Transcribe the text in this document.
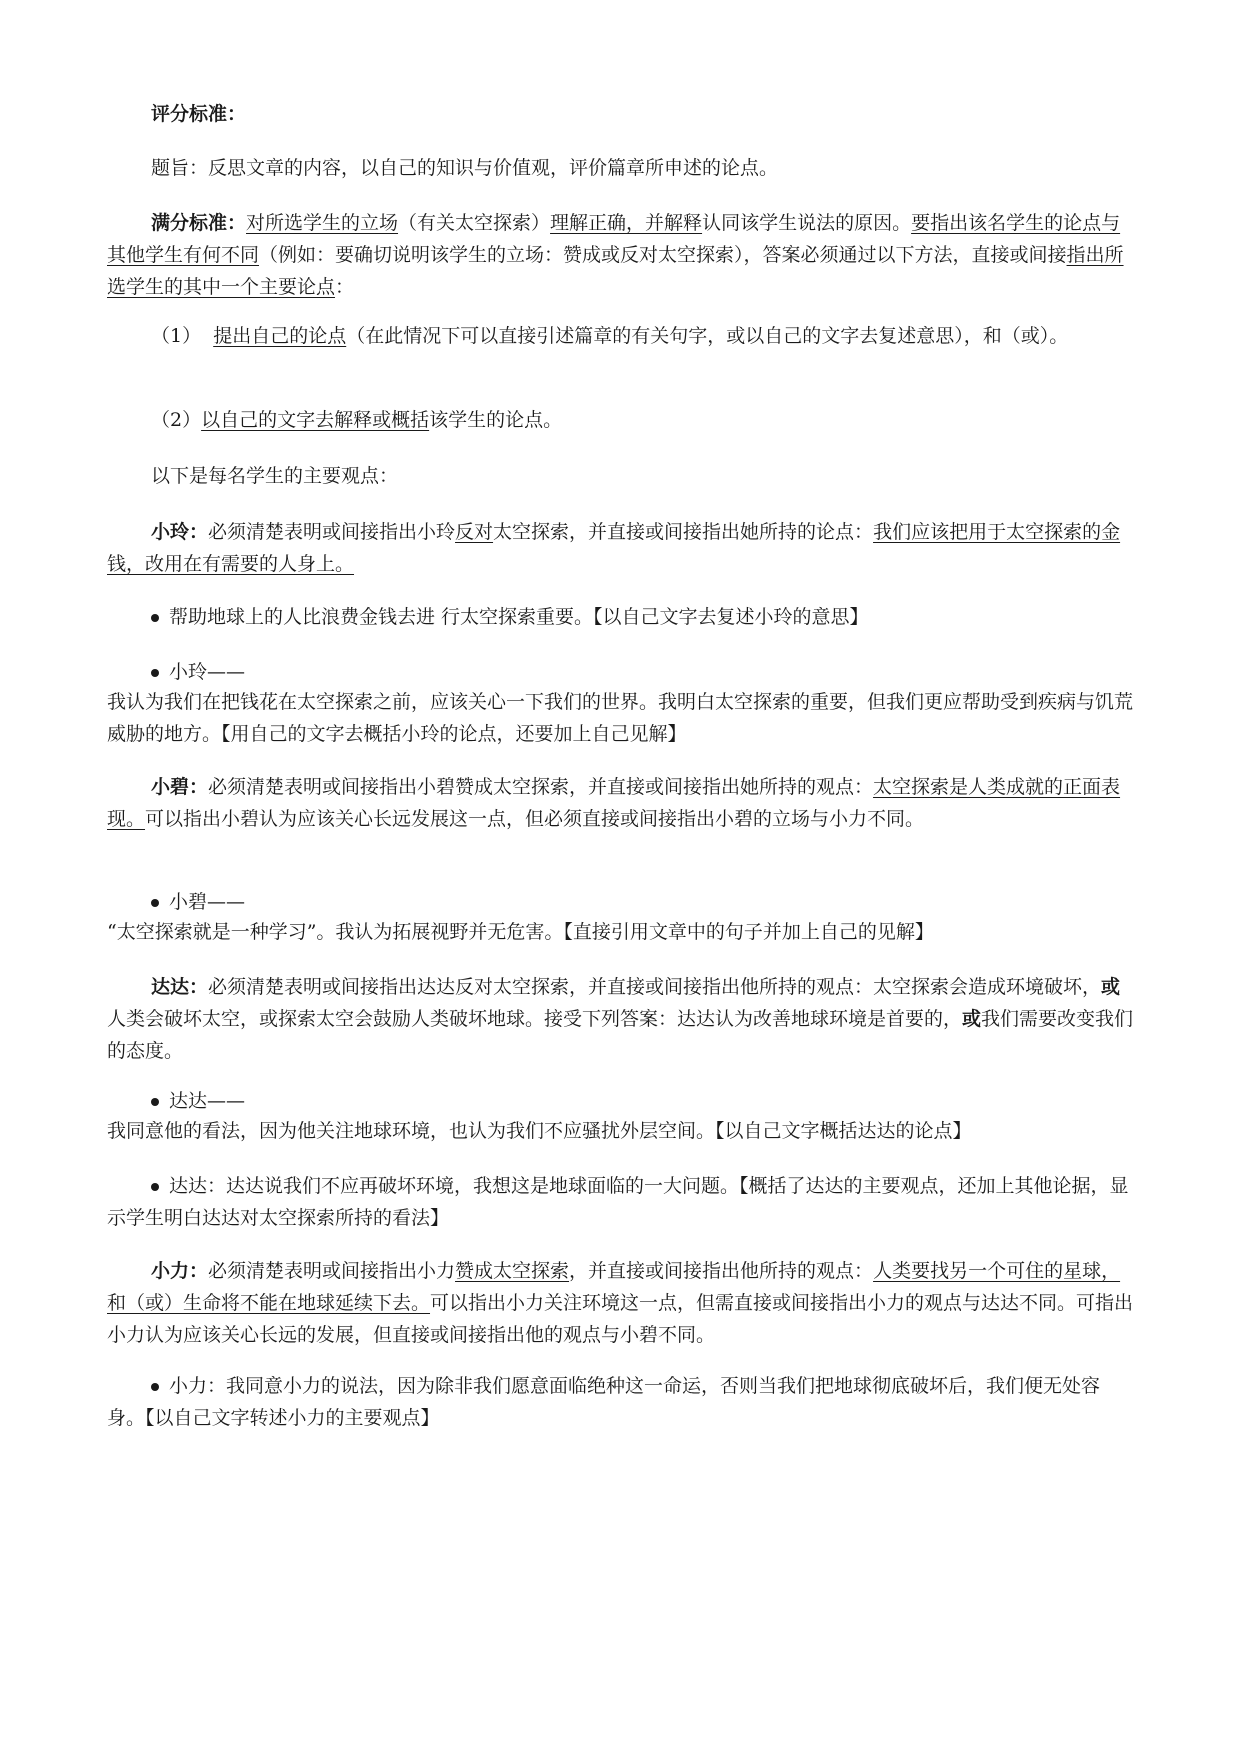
评分标准：

题旨：反思文章的内容，以自己的知识与价值观，评价篇章所申述的论点。

满分标准：对所选学生的立场（有关太空探索）理解正确，并解释认同该学生说法的原因。要指出该名学生的论点与其他学生有何不同（例如：要确切说明该学生的立场：赞成或反对太空探索），答案必须通过以下方法，直接或间接指出所选学生的其中一个主要论点：

（1） 提出自己的论点（在此情况下可以直接引述篇章的有关句字，或以自己的文字去复述意思），和（或）。

（2）以自己的文字去解释或概括该学生的论点。

以下是每名学生的主要观点：

小玲：必须清楚表明或间接指出小玲反对太空探索，并直接或间接指出她所持的论点：我们应该把用于太空探索的金钱，改用在有需要的人身上。

帮助地球上的人比浪费金钱去进 行太空探索重要。【以自己文字去复述小玲的意思】

小玲——

我认为我们在把钱花在太空探索之前，应该关心一下我们的世界。我明白太空探索的重要，但我们更应帮助受到疾病与饥荒威胁的地方。【用自己的文字去概括小玲的论点，还要加上自己见解】

小碧：必须清楚表明或间接指出小碧赞成太空探索，并直接或间接指出她所持的观点：太空探索是人类成就的正面表现。可以指出小碧认为应该关心长远发展这一点，但必须直接或间接指出小碧的立场与小力不同。

小碧——

“太空探索就是一种学习”。我认为拓展视野并无危害。【直接引用文章中的句子并加上自己的见解】

达达：必须清楚表明或间接指出达达反对太空探索，并直接或间接指出他所持的观点：太空探索会造成环境破坏，或人类会破坏太空，或探索太空会鼓励人类破坏地球。接受下列答案：达达认为改善地球环境是首要的，或我们需要改变我们的态度。

达达——

我同意他的看法，因为他关注地球环境，也认为我们不应骚扰外层空间。【以自己文字概括达达的论点】

达达：达达说我们不应再破坏环境，我想这是地球面临的一大问题。【概括了达达的主要观点，还加上其他论据，显示学生明白达达对太空探索所持的看法】

小力：必须清楚表明或间接指出小力赞成太空探索，并直接或间接指出他所持的观点：人类要找另一个可住的星球，和（或）生命将不能在地球延续下去。可以指出小力关注环境这一点，但需直接或间接指出小力的观点与达达不同。可指出小力认为应该关心长远的发展，但直接或间接指出他的观点与小碧不同。

小力：我同意小力的说法，因为除非我们愿意面临绝种这一命运，否则当我们把地球彻底破坏后，我们便无处容身。【以自己文字转述小力的主要观点】
